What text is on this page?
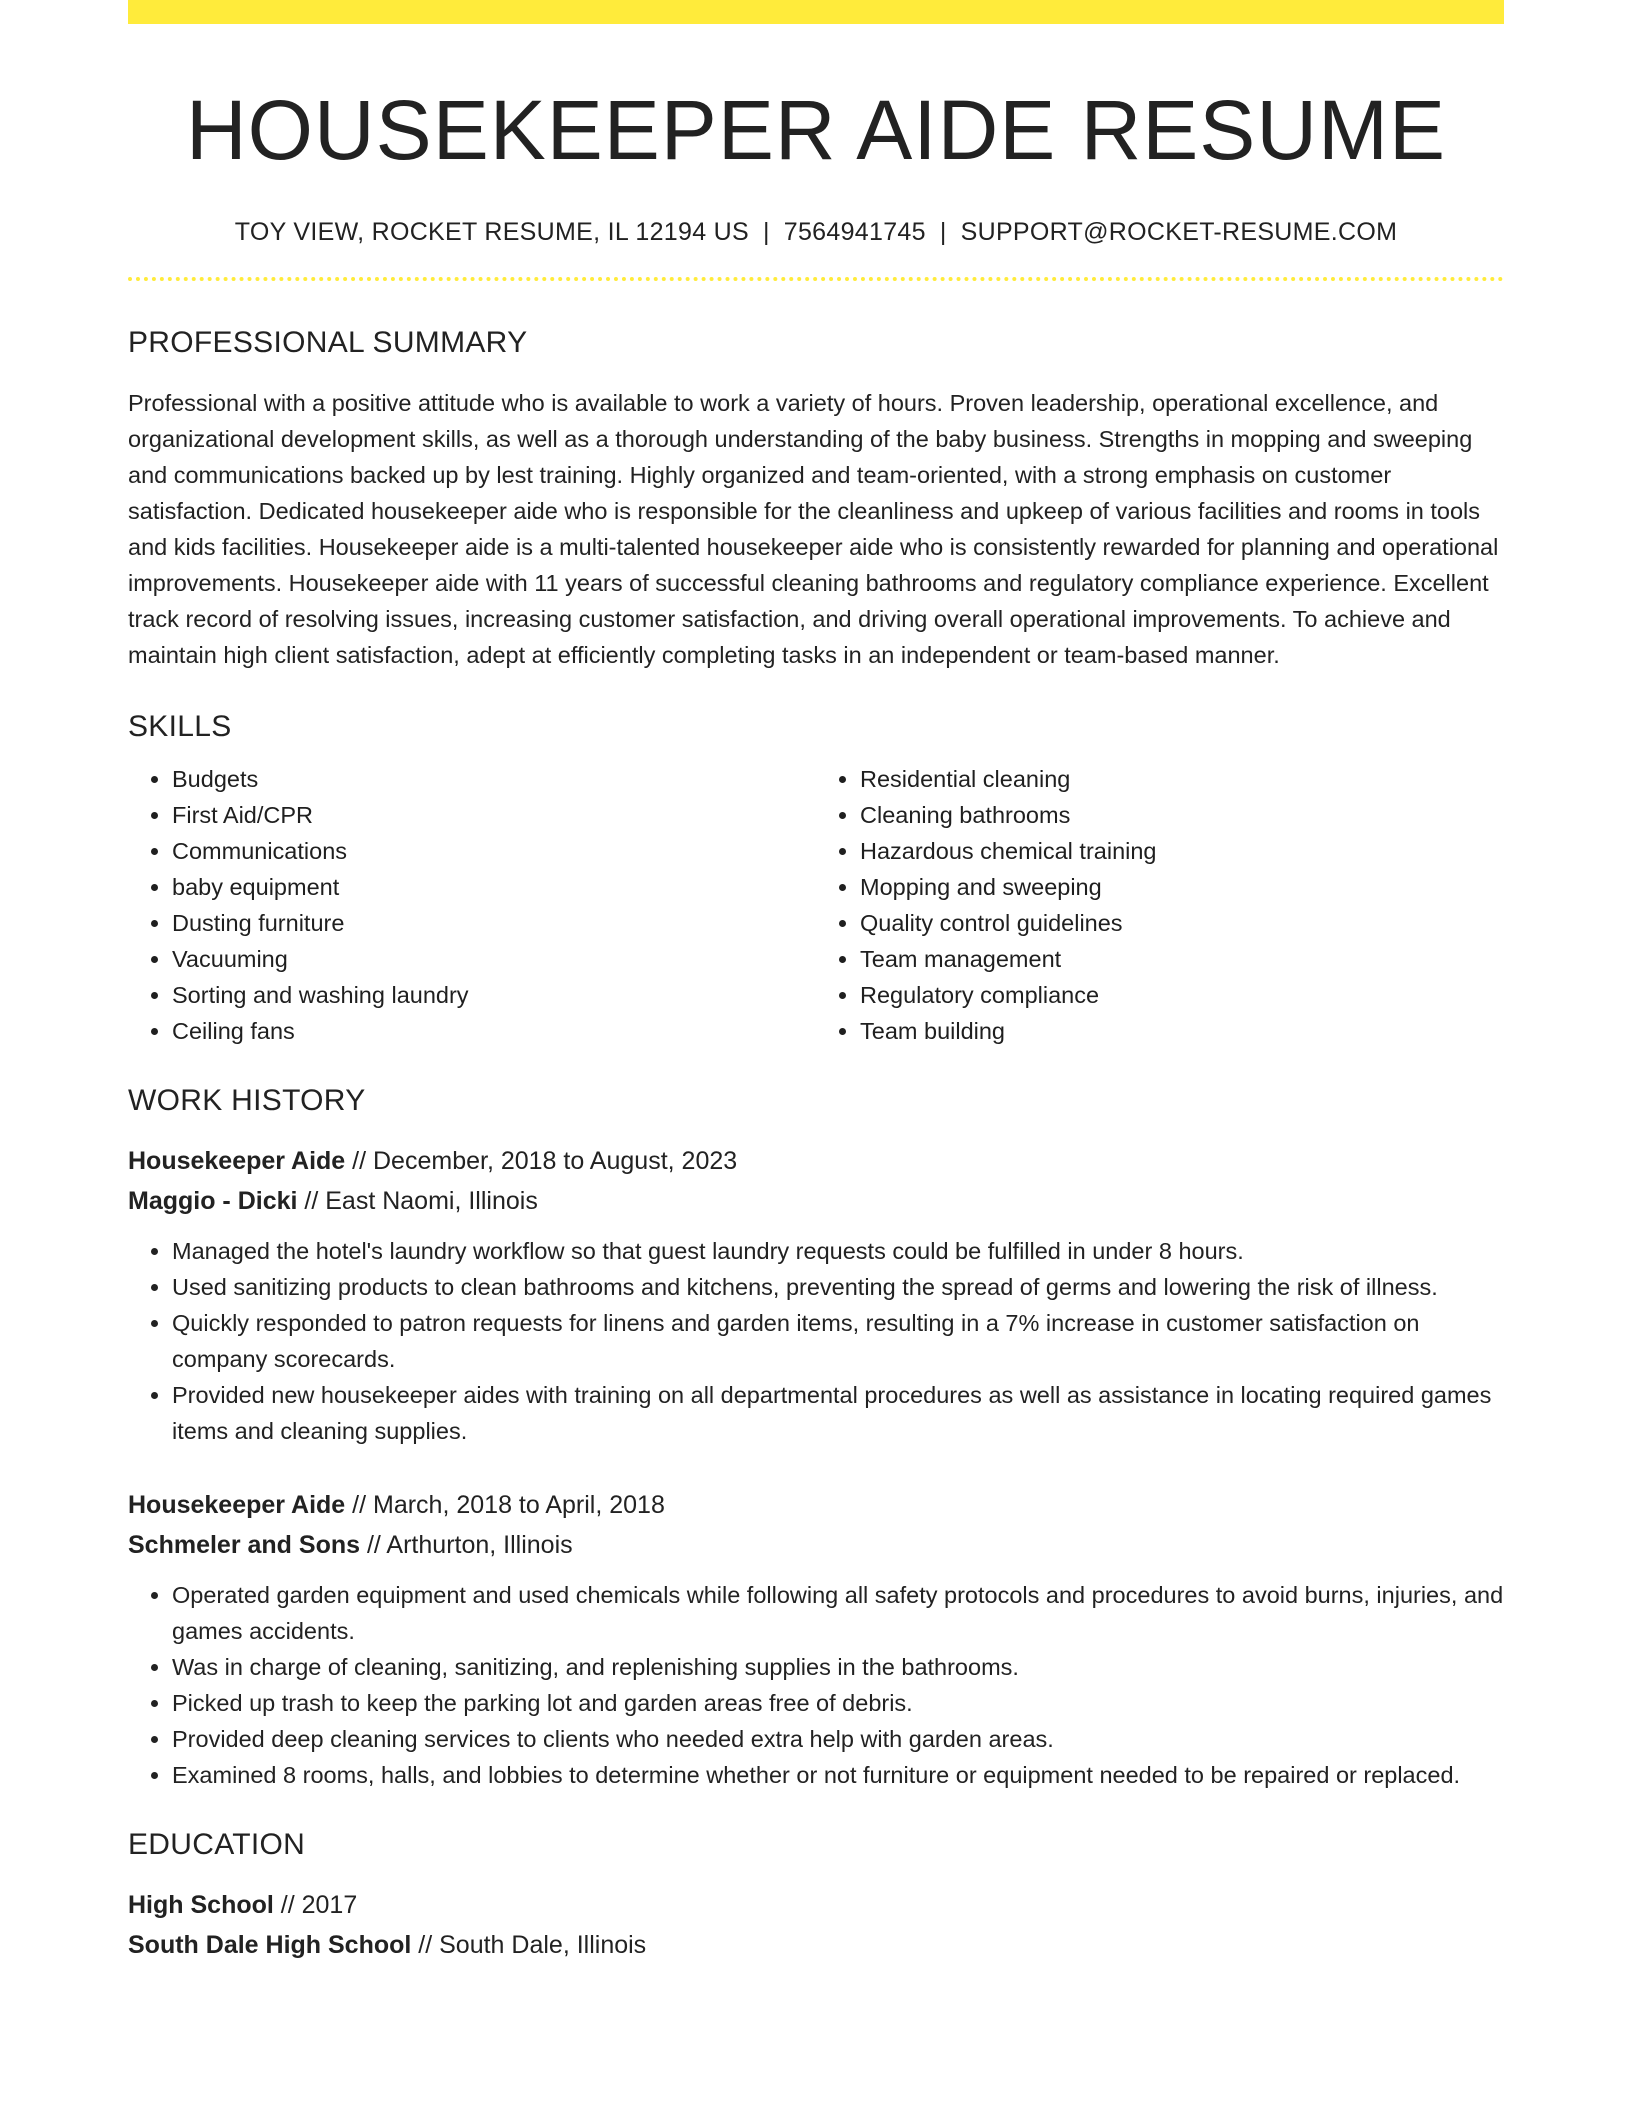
HOUSEKEEPER AIDE RESUME
TOY VIEW, ROCKET RESUME, IL 12194 US | 7564941745 | SUPPORT@ROCKET-RESUME.COM
PROFESSIONAL SUMMARY

Professional with a positive attitude who is available to work a variety of hours. Proven leadership, operational excellence, and organizational development skills, as well as a thorough understanding of the baby business. Strengths in mopping and sweeping and communications backed up by lest training. Highly organized and team-oriented, with a strong emphasis on customer satisfaction. Dedicated housekeeper aide who is responsible for the cleanliness and upkeep of various facilities and rooms in tools and kids facilities. Housekeeper aide is a multi-talented housekeeper aide who is consistently rewarded for planning and operational improvements. Housekeeper aide with 11 years of successful cleaning bathrooms and regulatory compliance experience. Excellent track record of resolving issues, increasing customer satisfaction, and driving overall operational improvements. To achieve and maintain high client satisfaction, adept at efficiently completing tasks in an independent or team-based manner.

SKILLS
• Budgets
• First Aid/CPR
• Communications
• baby equipment
• Dusting furniture
• Vacuuming
• Sorting and washing laundry
• Ceiling fans
• Residential cleaning
• Cleaning bathrooms
• Hazardous chemical training
• Mopping and sweeping
• Quality control guidelines
• Team management
• Regulatory compliance
• Team building
WORK HISTORY
Housekeeper Aide // December, 2018 to August, 2023
Maggio - Dicki // East Naomi, Illinois
• Managed the hotel's laundry workflow so that guest laundry requests could be fulfilled in under 8 hours.
• Used sanitizing products to clean bathrooms and kitchens, preventing the spread of germs and lowering the risk of illness.
• Quickly responded to patron requests for linens and garden items, resulting in a 7% increase in customer satisfaction on company scorecards.
• Provided new housekeeper aides with training on all departmental procedures as well as assistance in locating required games items and cleaning supplies.
Housekeeper Aide // March, 2018 to April, 2018
Schmeler and Sons // Arthurton, Illinois
• Operated garden equipment and used chemicals while following all safety protocols and procedures to avoid burns, injuries, and games accidents.
• Was in charge of cleaning, sanitizing, and replenishing supplies in the bathrooms.
• Picked up trash to keep the parking lot and garden areas free of debris.
• Provided deep cleaning services to clients who needed extra help with garden areas.
• Examined 8 rooms, halls, and lobbies to determine whether or not furniture or equipment needed to be repaired or replaced.
EDUCATION
High School // 2017
South Dale High School // South Dale, Illinois
